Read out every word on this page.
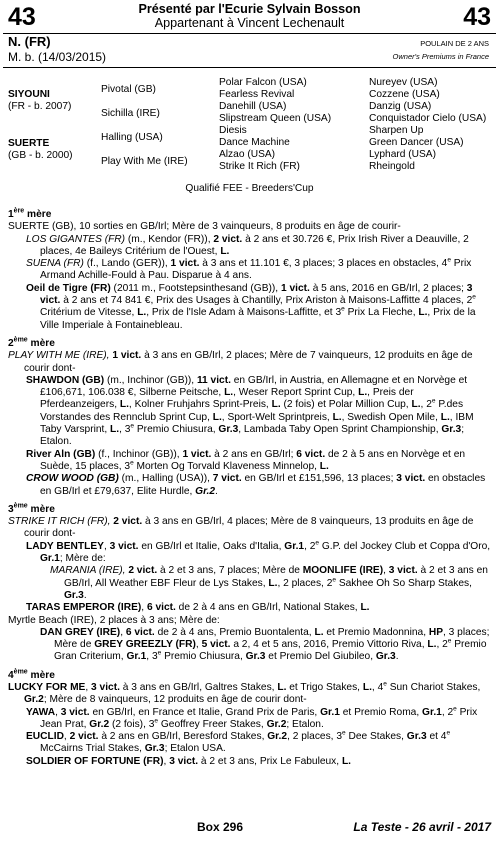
43	43
Présenté par l'Ecurie Sylvain Bosson
Appartenant à Vincent Lechenault
N. (FR)
M. b. (14/03/2015)
POULAIN DE 2 ANS
Owner's Premiums in France
SIYOUNI
(FR - b. 2007)
SUERTE
(GB - b. 2000)
Pivotal (GB)
Sichilla (IRE)
Halling (USA)
Play With Me (IRE)
Polar Falcon (USA)
Fearless Revival
Danehill (USA)
Slipstream Queen (USA)
Diesis
Dance Machine
Alzao (USA)
Strike It Rich (FR)
Nureyev (USA)
Cozzene (USA)
Danzig (USA)
Conquistador Cielo (USA)
Sharpen Up
Green Dancer (USA)
Lyphard (USA)
Rheingold
Qualifié FEE - Breeders'Cup
1ère mère
SUERTE (GB), 10 sorties en GB/Irl; Mère de 3 vainqueurs, 8 produits en âge de courir-
LOS GIGANTES (FR) (m., Kendor (FR)), 2 vict. à 2 ans et 30.726 €, Prix Irish River a Deauville, 2 places, 4e Baileys Critérium de l'Ouest, L.
SUENA (FR) (f., Lando (GER)), 1 vict. à 3 ans et 11.101 €, 3 places; 3 places en obstacles, 4e Prix Armand Achille-Fould à Pau. Disparue à 4 ans.
Oeil de Tigre (FR) (2011 m., Footstepsinthesand (GB)), 1 vict. à 5 ans, 2016 en GB/Irl, 2 places; 3 vict. à 2 ans et 74 841 €, Prix des Usages à Chantilly, Prix Ariston à Maisons-Laffitte 4 places, 2e Critérium de Vitesse, L., Prix de l'Isle Adam à Maisons-Laffitte, et 3e Prix La Fleche, L., Prix de la Ville Imperiale à Fontainebleau.
2ème mère
PLAY WITH ME (IRE), 1 vict. à 3 ans en GB/Irl, 2 places; Mère de 7 vainqueurs, 12 produits en âge de courir dont-
SHAWDON (GB) (m., Inchinor (GB)), 11 vict. en GB/Irl, in Austria, en Allemagne et en Norvège et £106,671, 106.038 €, Silberne Peitsche, L., Weser Report Sprint Cup, L., Preis der Pferdeanzeigers, L., Kolner Fruhjahrs Sprint-Preis, L. (2 fois) et Polar Million Cup, L., 2e P.des Vorstandes des Rennclub Sprint Cup, L., Sport-Welt Sprintpreis, L., Swedish Open Mile, L., IBM Taby Varsprint, L., 3e Premio Chiusura, Gr.3, Lambada Taby Open Sprint Championship, Gr.3; Etalon.
River Aln (GB) (f., Inchinor (GB)), 1 vict. à 2 ans en GB/Irl; 6 vict. de 2 à 5 ans en Norvège et en Suède, 15 places, 3e Morten Og Torvald Klaveness Minnelop, L.
CROW WOOD (GB) (m., Halling (USA)), 7 vict. en GB/Irl et £151,596, 13 places; 3 vict. en obstacles en GB/Irl et £79,637, Elite Hurdle, Gr.2.
3ème mère
STRIKE IT RICH (FR), 2 vict. à 3 ans en GB/Irl, 4 places; Mère de 8 vainqueurs, 13 produits en âge de courir dont-
LADY BENTLEY, 3 vict. en GB/Irl et Italie, Oaks d'Italia, Gr.1, 2e G.P. del Jockey Club et Coppa d'Oro, Gr.1; Mère de:
MARANIA (IRE), 2 vict. à 2 et 3 ans, 7 places; Mère de MOONLIFE (IRE), 3 vict. à 2 et 3 ans en GB/Irl, All Weather EBF Fleur de Lys Stakes, L., 2 places, 2e Sakhee Oh So Sharp Stakes, Gr.3.
TARAS EMPEROR (IRE), 6 vict. de 2 à 4 ans en GB/Irl, National Stakes, L.
Myrtle Beach (IRE), 2 places à 3 ans; Mère de:
DAN GREY (IRE), 6 vict. de 2 à 4 ans, Premio Buontalenta, L. et Premio Madonnina, HP, 3 places; Mère de GREY GREEZLY (FR), 5 vict. a 2, 4 et 5 ans, 2016, Premio Vittorio Riva, L., 2e Premio Gran Criterium, Gr.1, 3e Premio Chiusura, Gr.3 et Premio Del Giubileo, Gr.3.
4ème mère
LUCKY FOR ME, 3 vict. à 3 ans en GB/Irl, Galtres Stakes, L. et Trigo Stakes, L., 4e Sun Chariot Stakes, Gr.2; Mère de 8 vainqueurs, 12 produits en âge de courir dont-
YAWA, 3 vict. en GB/Irl, en France et Italie, Grand Prix de Paris, Gr.1 et Premio Roma, Gr.1, 2e Prix Jean Prat, Gr.2 (2 fois), 3e Geoffrey Freer Stakes, Gr.2; Etalon.
EUCLID, 2 vict. à 2 ans en GB/Irl, Beresford Stakes, Gr.2, 2 places, 3e Dee Stakes, Gr.3 et 4e McCairns Trial Stakes, Gr.3; Etalon USA.
SOLDIER OF FORTUNE (FR), 3 vict. à 2 et 3 ans, Prix Le Fabuleux, L.
Box 296	La Teste - 26 avril - 2017
